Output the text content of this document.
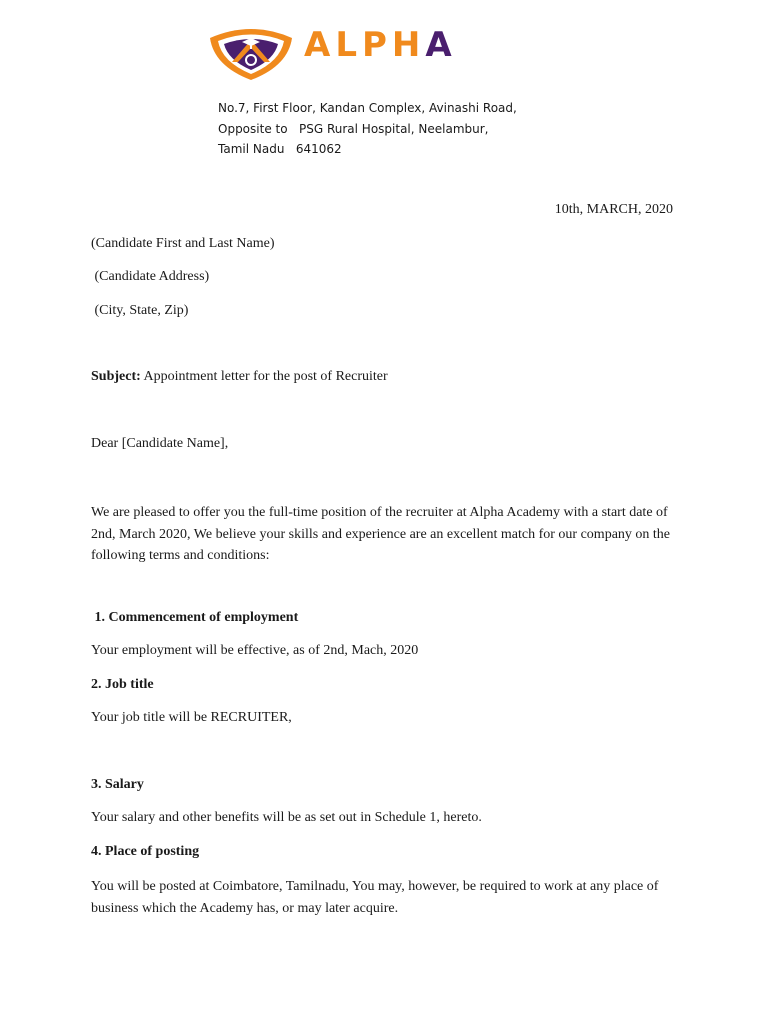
ALPHA
No.7, First Floor, Kandan Complex, Avinashi Road,
Opposite to   PSG Rural Hospital, Neelambur,
Tamil Nadu   641062
10th, MARCH, 2020
(Candidate First and Last Name)
(Candidate Address)
(City, State, Zip)
Subject: Appointment letter for the post of Recruiter
Dear [Candidate Name],
We are pleased to offer you the full-time position of the recruiter at Alpha Academy with a start date of 2nd, March 2020, We believe your skills and experience are an excellent match for our company on the following terms and conditions:
1. Commencement of employment
Your employment will be effective, as of 2nd, Mach, 2020
2. Job title
Your job title will be RECRUITER,
3. Salary
Your salary and other benefits will be as set out in Schedule 1, hereto.
4. Place of posting
You will be posted at Coimbatore, Tamilnadu, You may, however, be required to work at any place of business which the Academy has, or may later acquire.
